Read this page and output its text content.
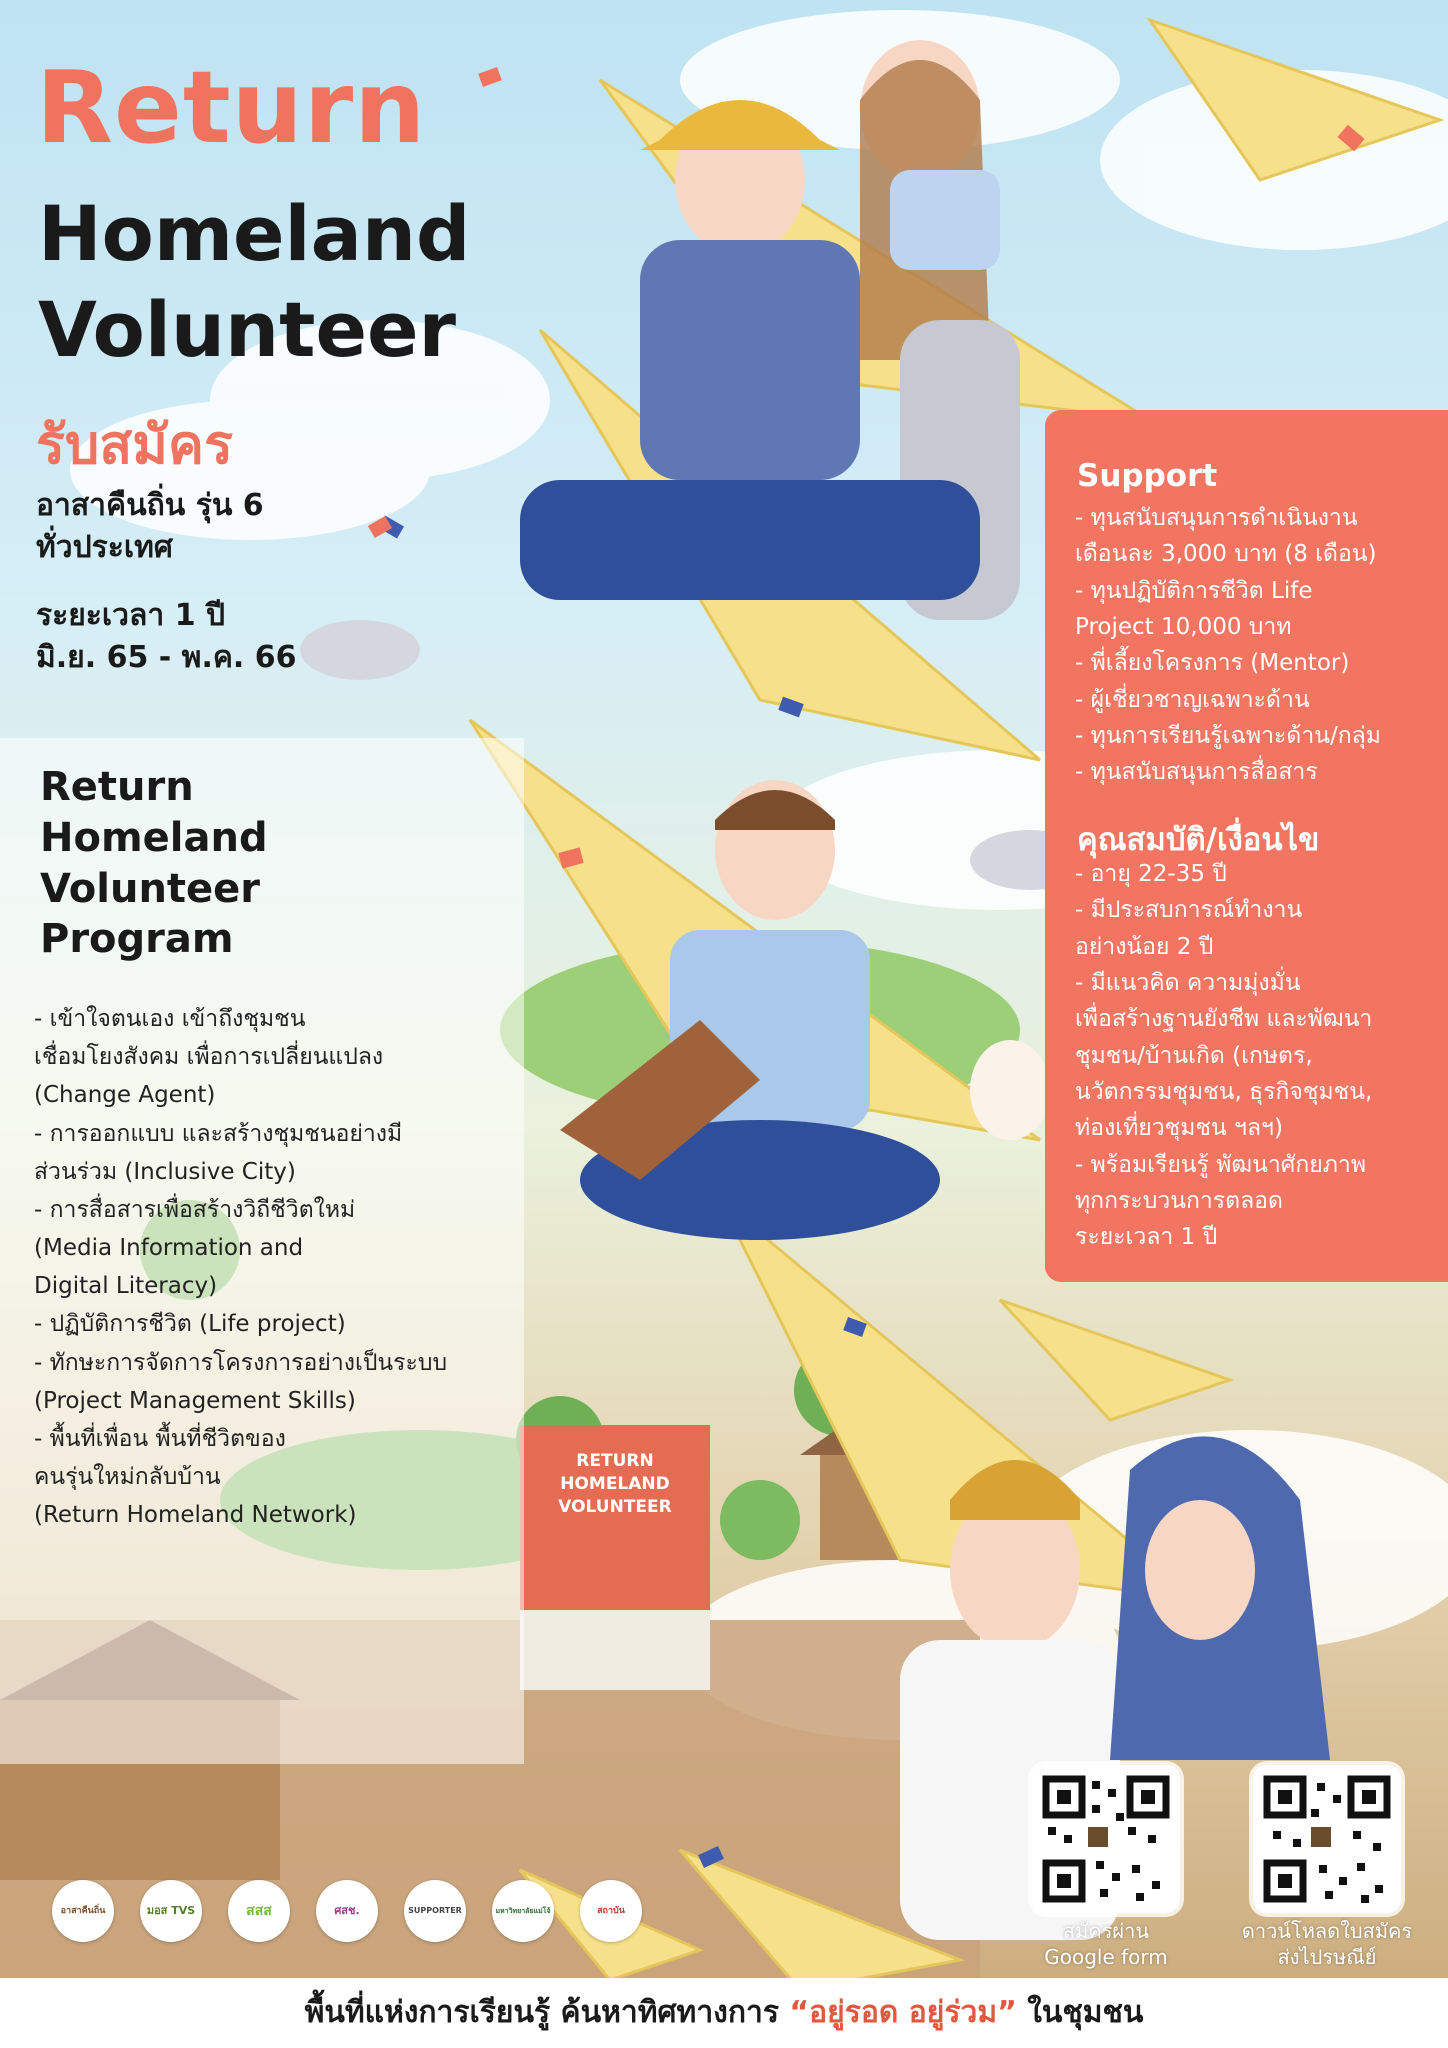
RETURN
HOMELAND
VOLUNTEER
Return
Homeland
Volunteer
รับสมัคร
อาสาคืนถิ่น รุ่น 6
ทั่วประเทศ
ระยะเวลา 1 ปี
มิ.ย. 65 - พ.ค. 66
Return
Homeland
Volunteer
Program
- เข้าใจตนเอง เข้าถึงชุมชน
เชื่อมโยงสังคม เพื่อการเปลี่ยนแปลง
(Change Agent)
- การออกแบบ และสร้างชุมชนอย่างมี
ส่วนร่วม (Inclusive City)
- การสื่อสารเพื่อสร้างวิถีชีวิตใหม่
(Media Information and
Digital Literacy)
- ปฏิบัติการชีวิต (Life project)
- ทักษะการจัดการโครงการอย่างเป็นระบบ
(Project Management Skills)
- พื้นที่เพื่อน พื้นที่ชีวิตของ
คนรุ่นใหม่กลับบ้าน
(Return Homeland Network)
Support
- ทุนสนับสนุนการดำเนินงาน
เดือนละ 3,000 บาท (8 เดือน)
- ทุนปฏิบัติการชีวิต Life
Project 10,000 บาท
- พี่เลี้ยงโครงการ (Mentor)
- ผู้เชี่ยวชาญเฉพาะด้าน
- ทุนการเรียนรู้เฉพาะด้าน/กลุ่ม
- ทุนสนับสนุนการสื่อสาร
คุณสมบัติ/เงื่อนไข
- อายุ 22-35 ปี
- มีประสบการณ์ทำงาน
อย่างน้อย 2 ปี
- มีแนวคิด ความมุ่งมั่น
เพื่อสร้างฐานยังชีพ และพัฒนา
ชุมชน/บ้านเกิด (เกษตร,
นวัตกรรมชุมชน, ธุรกิจชุมชน,
ท่องเที่ยวชุมชน ฯลฯ)
- พร้อมเรียนรู้ พัฒนาศักยภาพ
ทุกกระบวนการตลอด
ระยะเวลา 1 ปี
สมัครผ่าน
Google form
ดาวน์โหลดใบสมัคร
ส่งไปรษณีย์
อาสาคืนถิ่น	มอส TVS	สสส	ศสช.	SUPPORTER	มหาวิทยาลัยแม่โจ้	สถาบัน
พื้นที่แห่งการเรียนรู้ ค้นหาทิศทางการ “อยู่รอด อยู่ร่วม” ในชุมชน
